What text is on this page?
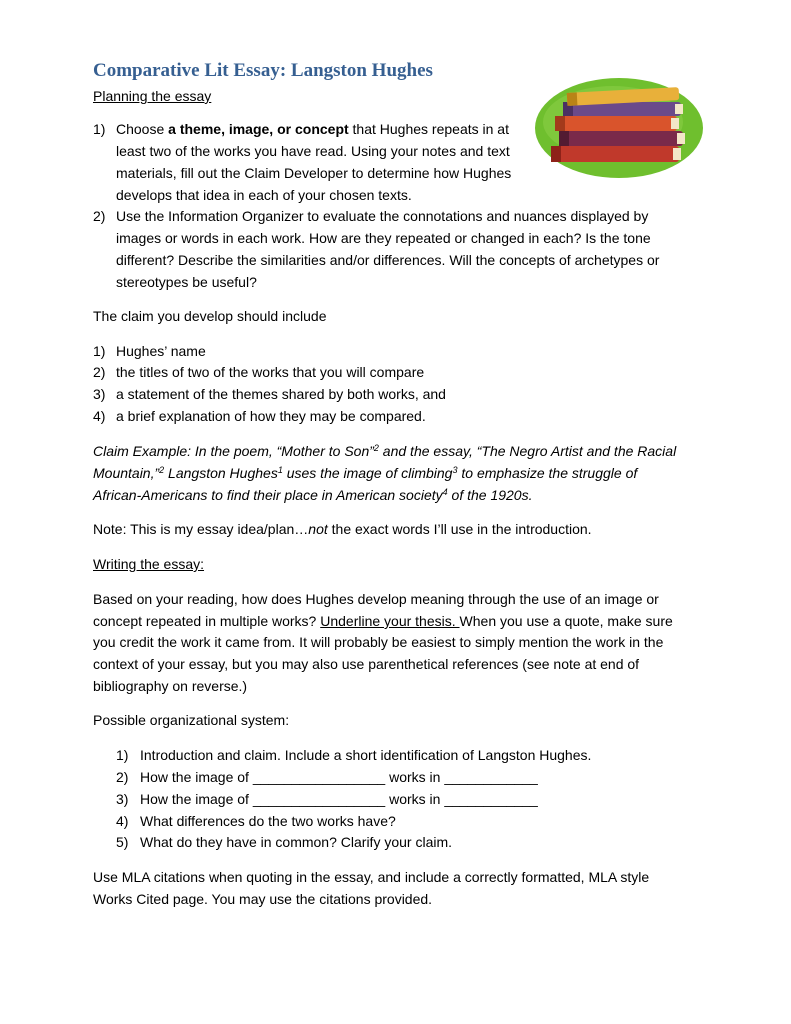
Comparative Lit Essay: Langston Hughes
Planning the essay
1) Choose a theme, image, or concept that Hughes repeats in at
least two of the works you have read. Using your notes and text
materials, fill out the Claim Developer to determine how Hughes
develops that idea in each of your chosen texts.
2) Use the Information Organizer to evaluate the connotations and nuances displayed by
images or words in each work. How are they repeated or changed in each? Is the tone
different? Describe the similarities and/or differences. Will the concepts of archetypes or
stereotypes be useful?
The claim you develop should include
1) Hughes’ name
2) the titles of two of the works that you will compare
3) a statement of the themes shared by both works, and
4) a brief explanation of how they may be compared.
Claim Example: In the poem, “Mother to Son”$^2$ and the essay, “The Negro Artist and the Racial
Mountain,”$^2$ Langston Hughes$^1$ uses the image of climbing$^3$ to emphasize the struggle of
African-Americans to find their place in American society$^4$ of the 1920s.
Note: This is my essay idea/plan…not the exact words I’ll use in the introduction.
Writing the essay:
Based on your reading, how does Hughes develop meaning through the use of an image or
concept repeated in multiple works? Underline your thesis. When you use a quote, make sure
you credit the work it came from. It will probably be easiest to simply mention the work in the
context of your essay, but you may also use parenthetical references (see note at end of
bibliography on reverse.)
Possible organizational system:
1) Introduction and claim. Include a short identification of Langston Hughes.
2) How the image of _________________ works in ____________
3) How the image of _________________ works in ____________
4) What differences do the two works have?
5) What do they have in common? Clarify your claim.
Use MLA citations when quoting in the essay, and include a correctly formatted, MLA style
Works Cited page. You may use the citations provided.
